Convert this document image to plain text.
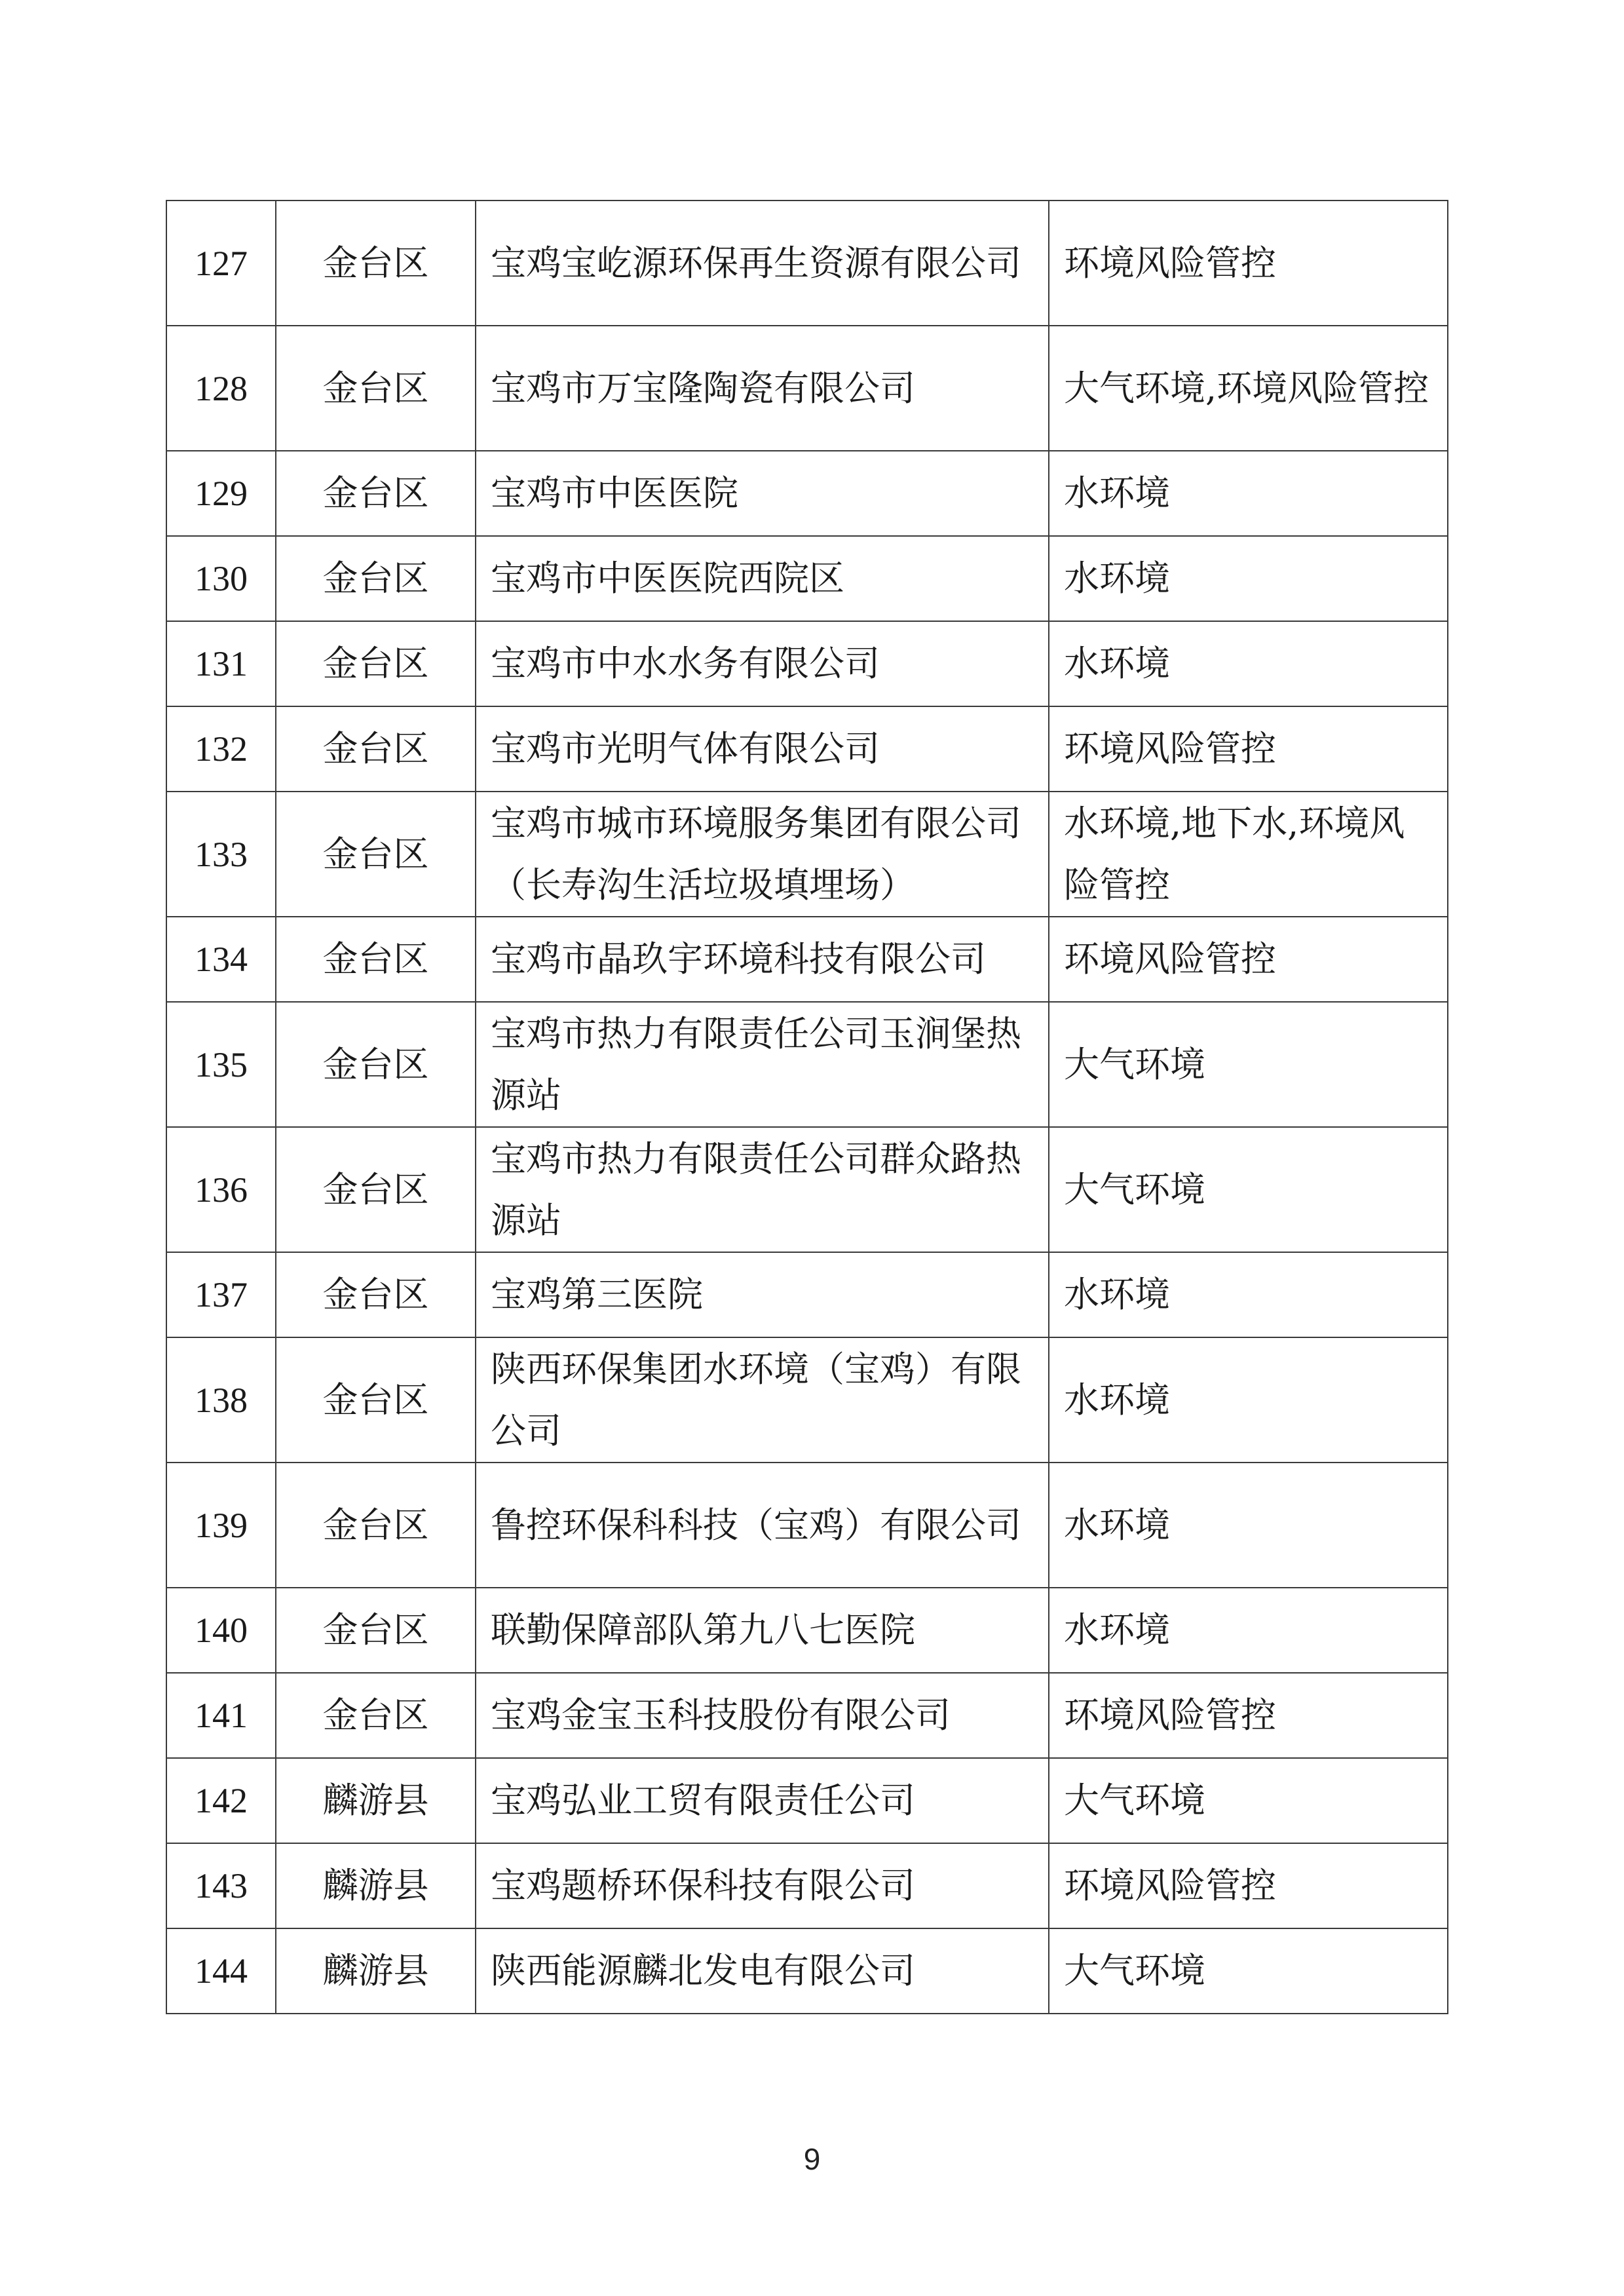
127	金台区	宝鸡宝屹源环保再生资源有限公司	环境风险管控
128	金台区	宝鸡市万宝隆陶瓷有限公司	大气环境,环境风险管控
129	金台区	宝鸡市中医医院	水环境
130	金台区	宝鸡市中医医院西院区	水环境
131	金台区	宝鸡市中水水务有限公司	水环境
132	金台区	宝鸡市光明气体有限公司	环境风险管控
133	金台区	宝鸡市城市环境服务集团有限公司（长寿沟生活垃圾填埋场）	水环境,地下水,环境风险管控
134	金台区	宝鸡市晶玖宇环境科技有限公司	环境风险管控
135	金台区	宝鸡市热力有限责任公司玉涧堡热源站	大气环境
136	金台区	宝鸡市热力有限责任公司群众路热源站	大气环境
137	金台区	宝鸡第三医院	水环境
138	金台区	陕西环保集团水环境（宝鸡）有限公司	水环境
139	金台区	鲁控环保科科技（宝鸡）有限公司	水环境
140	金台区	联勤保障部队第九八七医院	水环境
141	金台区	宝鸡金宝玉科技股份有限公司	环境风险管控
142	麟游县	宝鸡弘业工贸有限责任公司	大气环境
143	麟游县	宝鸡题桥环保科技有限公司	环境风险管控
144	麟游县	陕西能源麟北发电有限公司	大气环境
9
